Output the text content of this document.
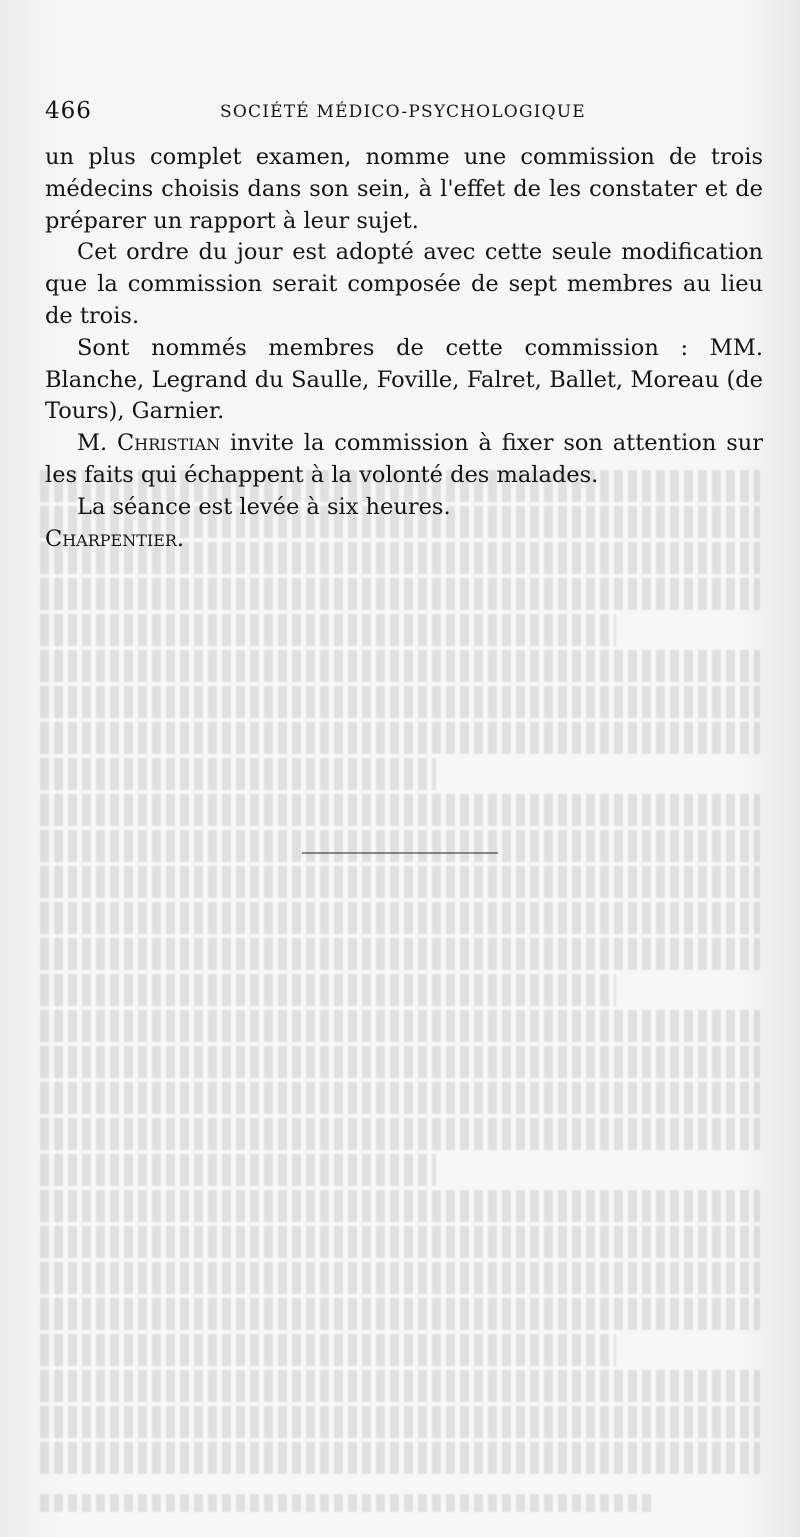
466	SOCIÉTÉ MÉDICO-PSYCHOLOGIQUE

un plus complet examen, nomme une commission de trois médecins choisis dans son sein, à l'effet de les constater et de préparer un rapport à leur sujet.

Cet ordre du jour est adopté avec cette seule modification que la commission serait composée de sept membres au lieu de trois.

Sont nommés membres de cette commission : MM. Blanche, Legrand du Saulle, Foville, Falret, Ballet, Moreau (de Tours), Garnier.

M. Christian invite la commission à fixer son attention sur les faits qui échappent à la volonté des malades.

La séance est levée à six heures.

Charpentier.
